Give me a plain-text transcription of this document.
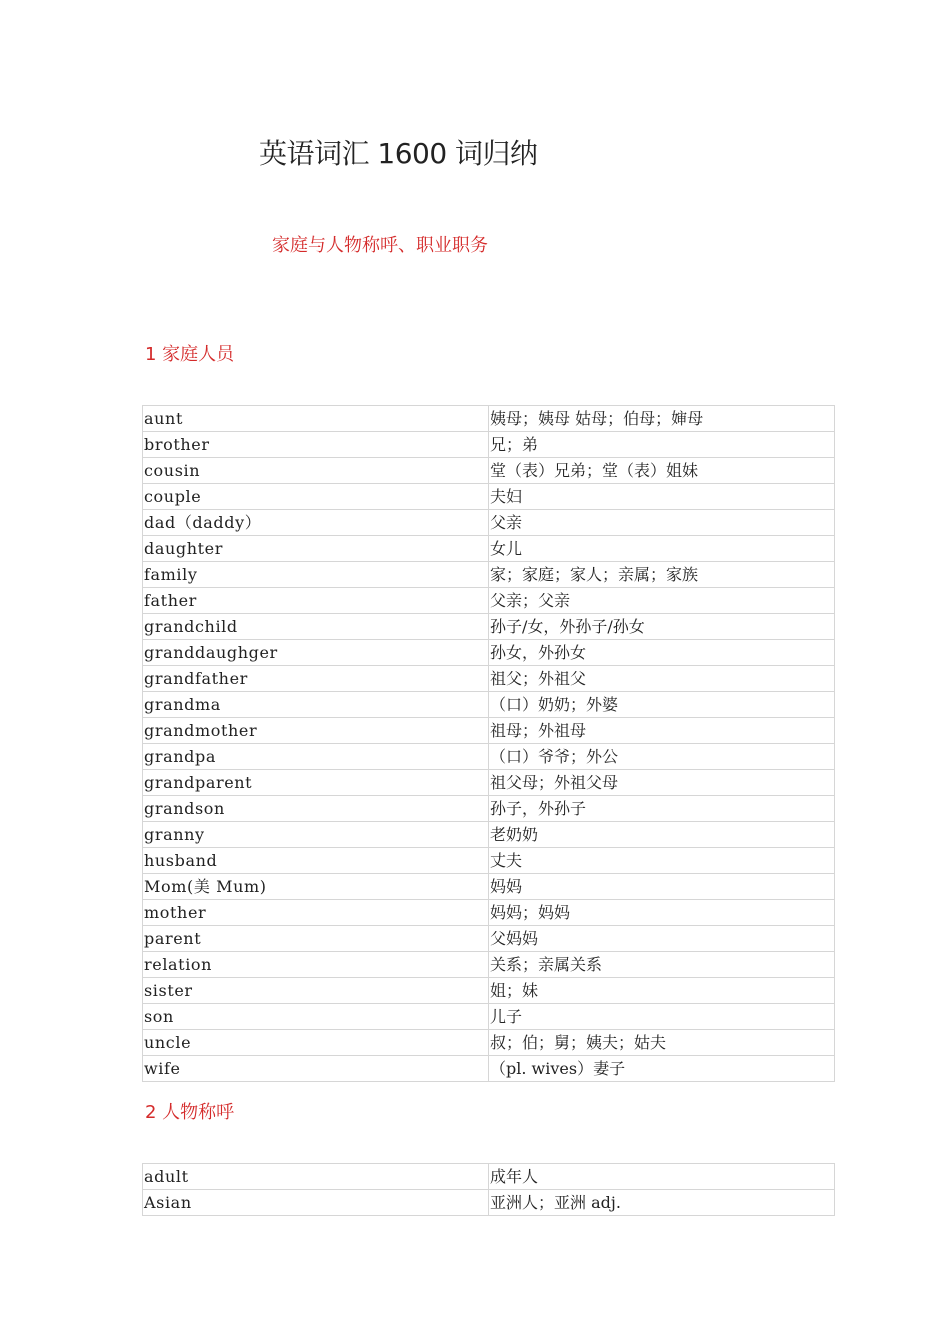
英语词汇 1600 词归纳
家庭与人物称呼、职业职务
1 家庭人员
aunt	姨母；姨母 姑母；伯母；婶母
brother	兄；弟
cousin	堂（表）兄弟；堂（表）姐妹
couple	夫妇
dad（daddy）	父亲
daughter	女儿
family	家；家庭；家人；亲属；家族
father	父亲；父亲
grandchild	孙子/女，外孙子/孙女
granddaughger	孙女，外孙女
grandfather	祖父；外祖父
grandma	（口）奶奶；外婆
grandmother	祖母；外祖母
grandpa	（口）爷爷；外公
grandparent	祖父母；外祖父母
grandson	孙子，外孙子
granny	老奶奶
husband	丈夫
Mom(美 Mum)	妈妈
mother	妈妈；妈妈
parent	父妈妈
relation	关系；亲属关系
sister	姐；妹
son	儿子
uncle	叔；伯；舅；姨夫；姑夫
wife	（pl. wives）妻子
2 人物称呼
adult	成年人
Asian	亚洲人；亚洲 adj.
